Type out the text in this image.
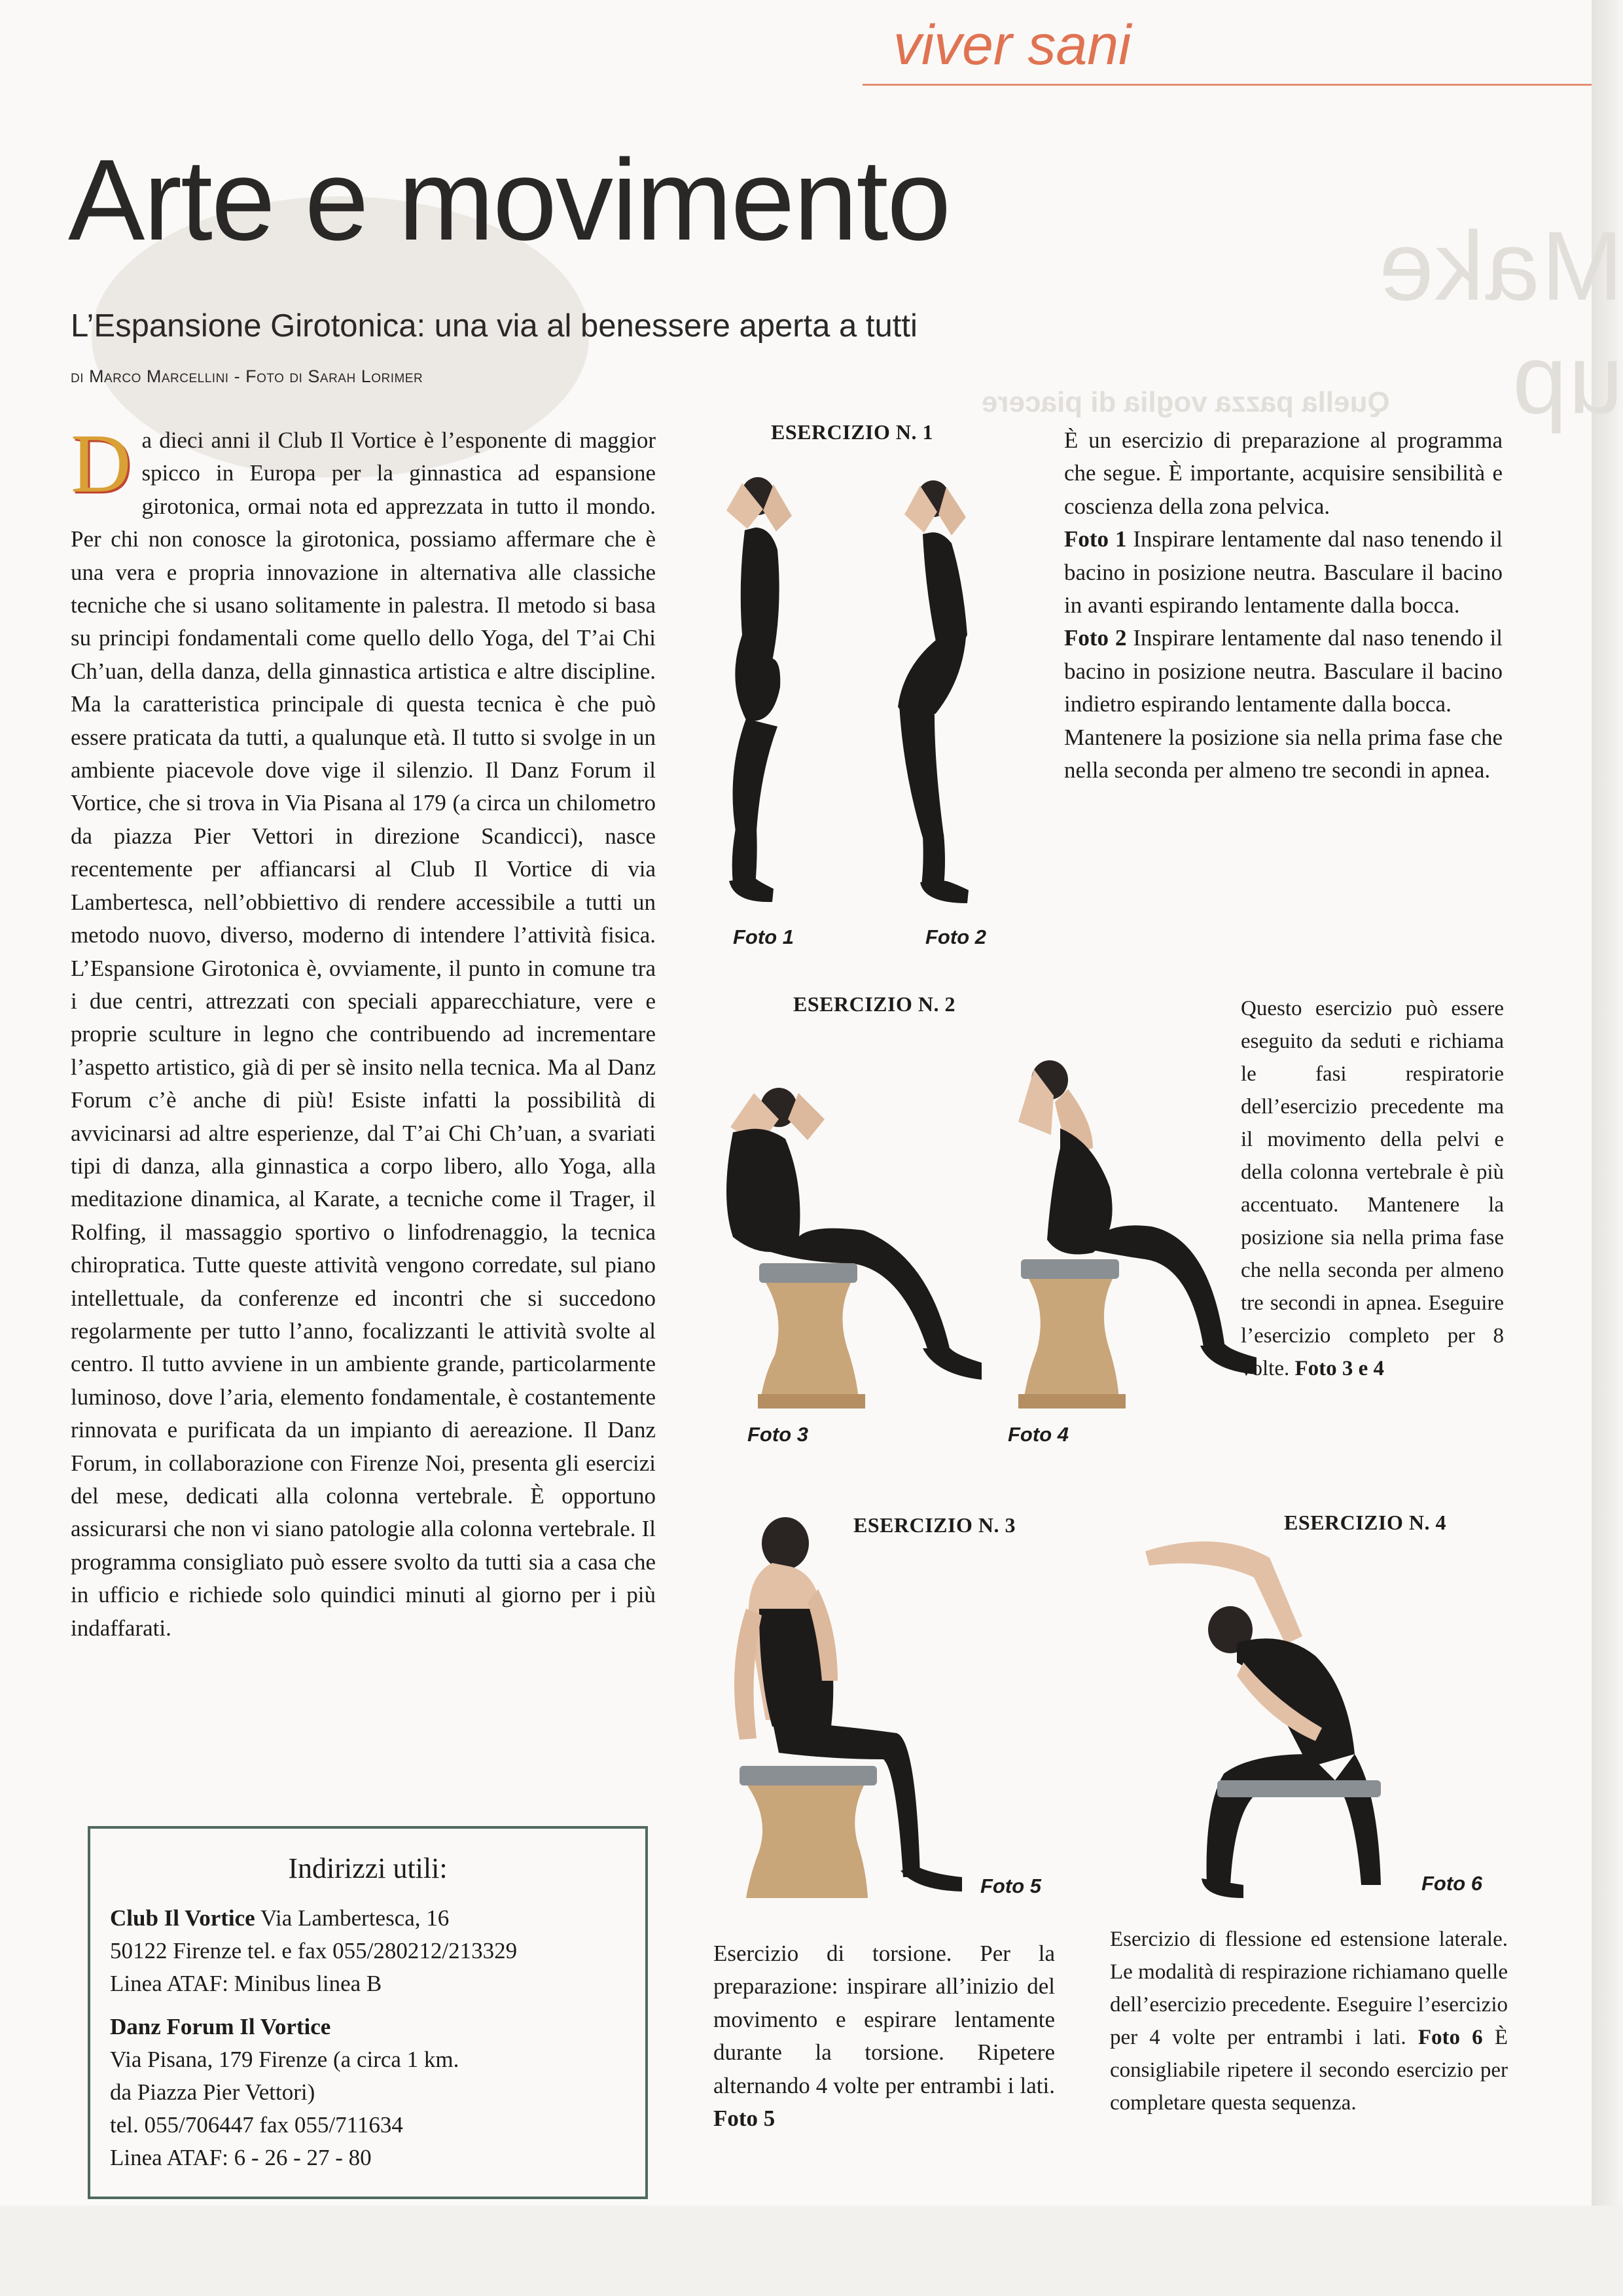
Make up
Quella pazza voglia di piacere
viver sani
Arte e movimento
L’Espansione Girotonica: una via al benessere aperta a tutti
di Marco Marcellini - Foto di Sarah Lorimer

Da dieci anni il Club Il Vortice è l’esponente di maggior spicco in Europa per la ginnastica ad espansione girotonica, ormai nota ed apprezzata in tutto il mondo. Per chi non conosce la girotonica, possiamo affermare che è una vera e propria innovazione in alternativa alle classiche tecniche che si usano solitamente in palestra. Il metodo si basa su principi fondamentali come quello dello Yoga, del T’ai Chi Ch’uan, della danza, della ginnastica artistica e altre discipline. Ma la caratteristica principale di questa tecnica è che può essere praticata da tutti, a qualunque età. Il tutto si svolge in un ambiente piacevole dove vige il silenzio. Il Danz Forum il Vortice, che si trova in Via Pisana al 179 (a circa un chilometro da piazza Pier Vettori in direzione Scandicci), nasce recentemente per affiancarsi al Club Il Vortice di via Lambertesca, nell’obbiettivo di rendere accessibile a tutti un metodo nuovo, diverso, moderno di intendere l’attività fisica. L’Espansione Girotonica è, ovviamente, il punto in comune tra i due centri, attrezzati con speciali apparecchiature, vere e proprie sculture in legno che contribuendo ad incrementare l’aspetto artistico, già di per sè insito nella tecnica. Ma al Danz Forum c’è anche di più! Esiste infatti la possibilità di avvicinarsi ad altre esperienze, dal T’ai Chi Ch’uan, a svariati tipi di danza, alla ginnastica a corpo libero, allo Yoga, alla meditazione dinamica, al Karate, a tecniche come il Trager, il Rolfing, il massaggio sportivo o linfodrenaggio, la tecnica chiropratica. Tutte queste attività vengono corredate, sul piano intellettuale, da conferenze ed incontri che si succedono regolarmente per tutto l’anno, focalizzanti le attività svolte al centro. Il tutto avviene in un ambiente grande, particolarmente luminoso, dove l’aria, elemento fondamentale, è costantemente rinnovata e purificata da un impianto di aereazione. Il Danz Forum, in collaborazione con Firenze Noi, presenta gli esercizi del mese, dedicati alla colonna vertebrale. È opportuno assicurarsi che non vi siano patologie alla colonna vertebrale. Il programma consigliato può essere svolto da tutti sia a casa che in ufficio e richiede solo quindici minuti al giorno per i più indaffarati.

Indirizzi utili:
Club Il Vortice Via Lambertesca, 16
50122 Firenze tel. e fax 055/280212/213329
Linea ATAF: Minibus linea B
Danz Forum Il Vortice
Via Pisana, 179 Firenze (a circa 1 km.
da Piazza Pier Vettori)
tel. 055/706447 fax 055/711634
Linea ATAF: 6 - 26 - 27 - 80
ESERCIZIO N. 1
Foto 1	Foto 2

È un esercizio di preparazione al programma che segue. È importante, acquisire sensibilità e coscienza della zona pelvica.
Foto 1 Inspirare lentamente dal naso tenendo il bacino in posizione neutra. Basculare il bacino in avanti espirando lentamente dalla bocca.
Foto 2 Inspirare lentamente dal naso tenendo il bacino in posizione neutra. Basculare il bacino indietro espirando lentamente dalla bocca.
Mantenere la posizione sia nella prima fase che nella seconda per almeno tre secondi in apnea.

ESERCIZIO N. 2
Foto 3	Foto 4

Questo esercizio può essere eseguito da seduti e richiama le fasi respiratorie dell’esercizio precedente ma il movimento della pelvi e della colonna vertebrale è più accentuato. Mantenere la posizione sia nella prima fase che nella seconda per almeno tre secondi in apnea. Eseguire l’esercizio completo per 8 volte. Foto 3 e 4

ESERCIZIO N. 3	ESERCIZIO N. 4
Foto 5	Foto 6

Esercizio di torsione. Per la preparazione: inspirare all’inizio del movimento e espirare lentamente durante la torsione. Ripetere alternando 4 volte per entrambi i lati. Foto 5

Esercizio di flessione ed estensione laterale. Le modalità di respirazione richiamano quelle dell’esercizio precedente. Eseguire l’esercizio per 4 volte per entrambi i lati. Foto 6 È consigliabile ripetere il secondo esercizio per completare questa sequenza.
